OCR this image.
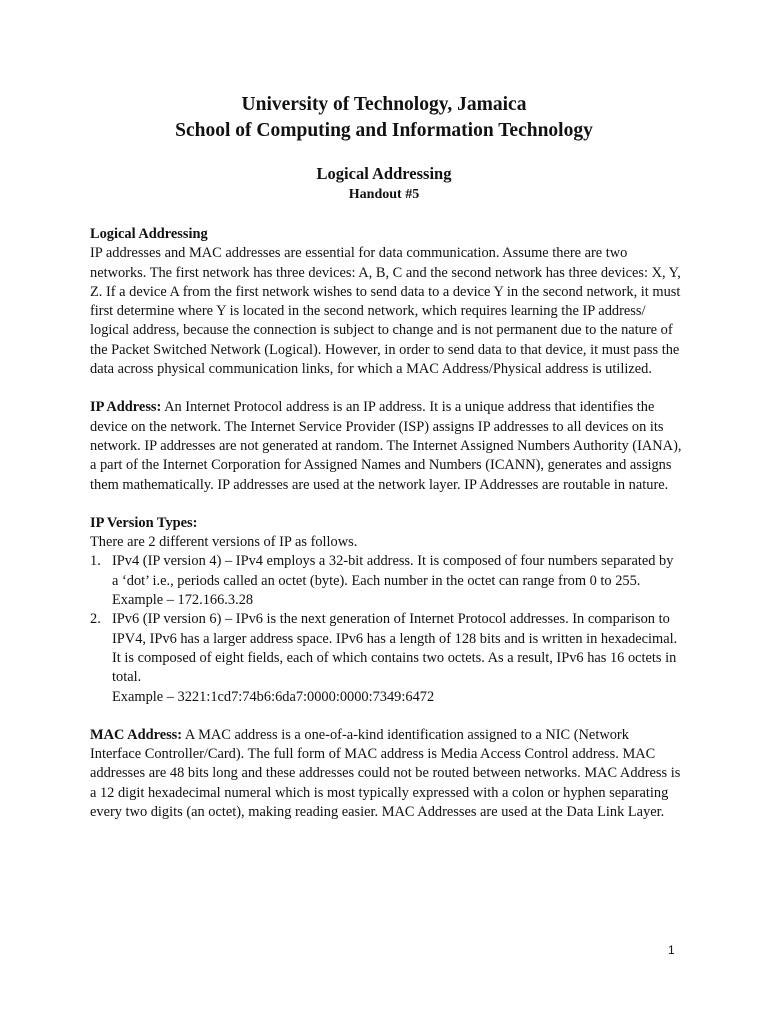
University of Technology, Jamaica
School of Computing and Information Technology
Logical Addressing
Handout #5
Logical Addressing

IP addresses and MAC addresses are essential for data communication. Assume there are two networks. The first network has three devices: A, B, C and the second network has three devices: X, Y, Z. If a device A from the first network wishes to send data to a device Y in the second network, it must first determine where Y is located in the second network, which requires learning the IP address/ logical address, because the connection is subject to change and is not permanent due to the nature of the Packet Switched Network (Logical). However, in order to send data to that device, it must pass the data across physical communication links, for which a MAC Address/Physical address is utilized.

IP Address: An Internet Protocol address is an IP address. It is a unique address that identifies the device on the network. The Internet Service Provider (ISP) assigns IP addresses to all devices on its network. IP addresses are not generated at random. The Internet Assigned Numbers Authority (IANA), a part of the Internet Corporation for Assigned Names and Numbers (ICANN), generates and assigns them mathematically. IP addresses are used at the network layer. IP Addresses are routable in nature.

IP Version Types:

There are 2 different versions of IP as follows.

1. IPv4 (IP version 4) – IPv4 employs a 32-bit address. It is composed of four numbers separated by a ‘dot’ i.e., periods called an octet (byte). Each number in the octet can range from 0 to 255.
Example – 172.166.3.28
2. IPv6 (IP version 6) – IPv6 is the next generation of Internet Protocol addresses. In comparison to IPV4, IPv6 has a larger address space. IPv6 has a length of 128 bits and is written in hexadecimal. It is composed of eight fields, each of which contains two octets. As a result, IPv6 has 16 octets in total.
Example – 3221:1cd7:74b6:6da7:0000:0000:7349:6472

MAC Address: A MAC address is a one-of-a-kind identification assigned to a NIC (Network Interface Controller/Card). The full form of MAC address is Media Access Control address. MAC addresses are 48 bits long and these addresses could not be routed between networks. MAC Address is a 12 digit hexadecimal numeral which is most typically expressed with a colon or hyphen separating every two digits (an octet), making reading easier. MAC Addresses are used at the Data Link Layer.

1
